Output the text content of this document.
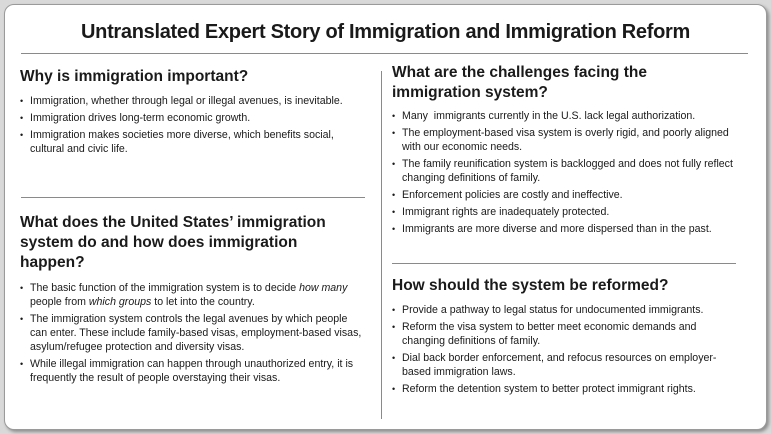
Untranslated Expert Story of Immigration and Immigration Reform
Why is immigration important?
• Immigration, whether through legal or illegal avenues, is inevitable.
• Immigration drives long-term economic growth.
• Immigration makes societies more diverse, which benefits social, cultural and civic life.
What does the United States’ immigration system do and how does immigration happen?
• The basic function of the immigration system is to decide how many people from which groups to let into the country.
• The immigration system controls the legal avenues by which people can enter. These include family-based visas, employment-based visas, asylum/refugee protection and diversity visas.
• While illegal immigration can happen through unauthorized entry, it is frequently the result of people overstaying their visas.
What are the challenges facing the immigration system?
• Many  immigrants currently in the U.S. lack legal authorization.
• The employment-based visa system is overly rigid, and poorly aligned with our economic needs.
• The family reunification system is backlogged and does not fully reflect changing definitions of family.
• Enforcement policies are costly and ineffective.
• Immigrant rights are inadequately protected.
• Immigrants are more diverse and more dispersed than in the past.
How should the system be reformed?
• Provide a pathway to legal status for undocumented immigrants.
• Reform the visa system to better meet economic demands and changing definitions of family.
• Dial back border enforcement, and refocus resources on employer-based immigration laws.
• Reform the detention system to better protect immigrant rights.
